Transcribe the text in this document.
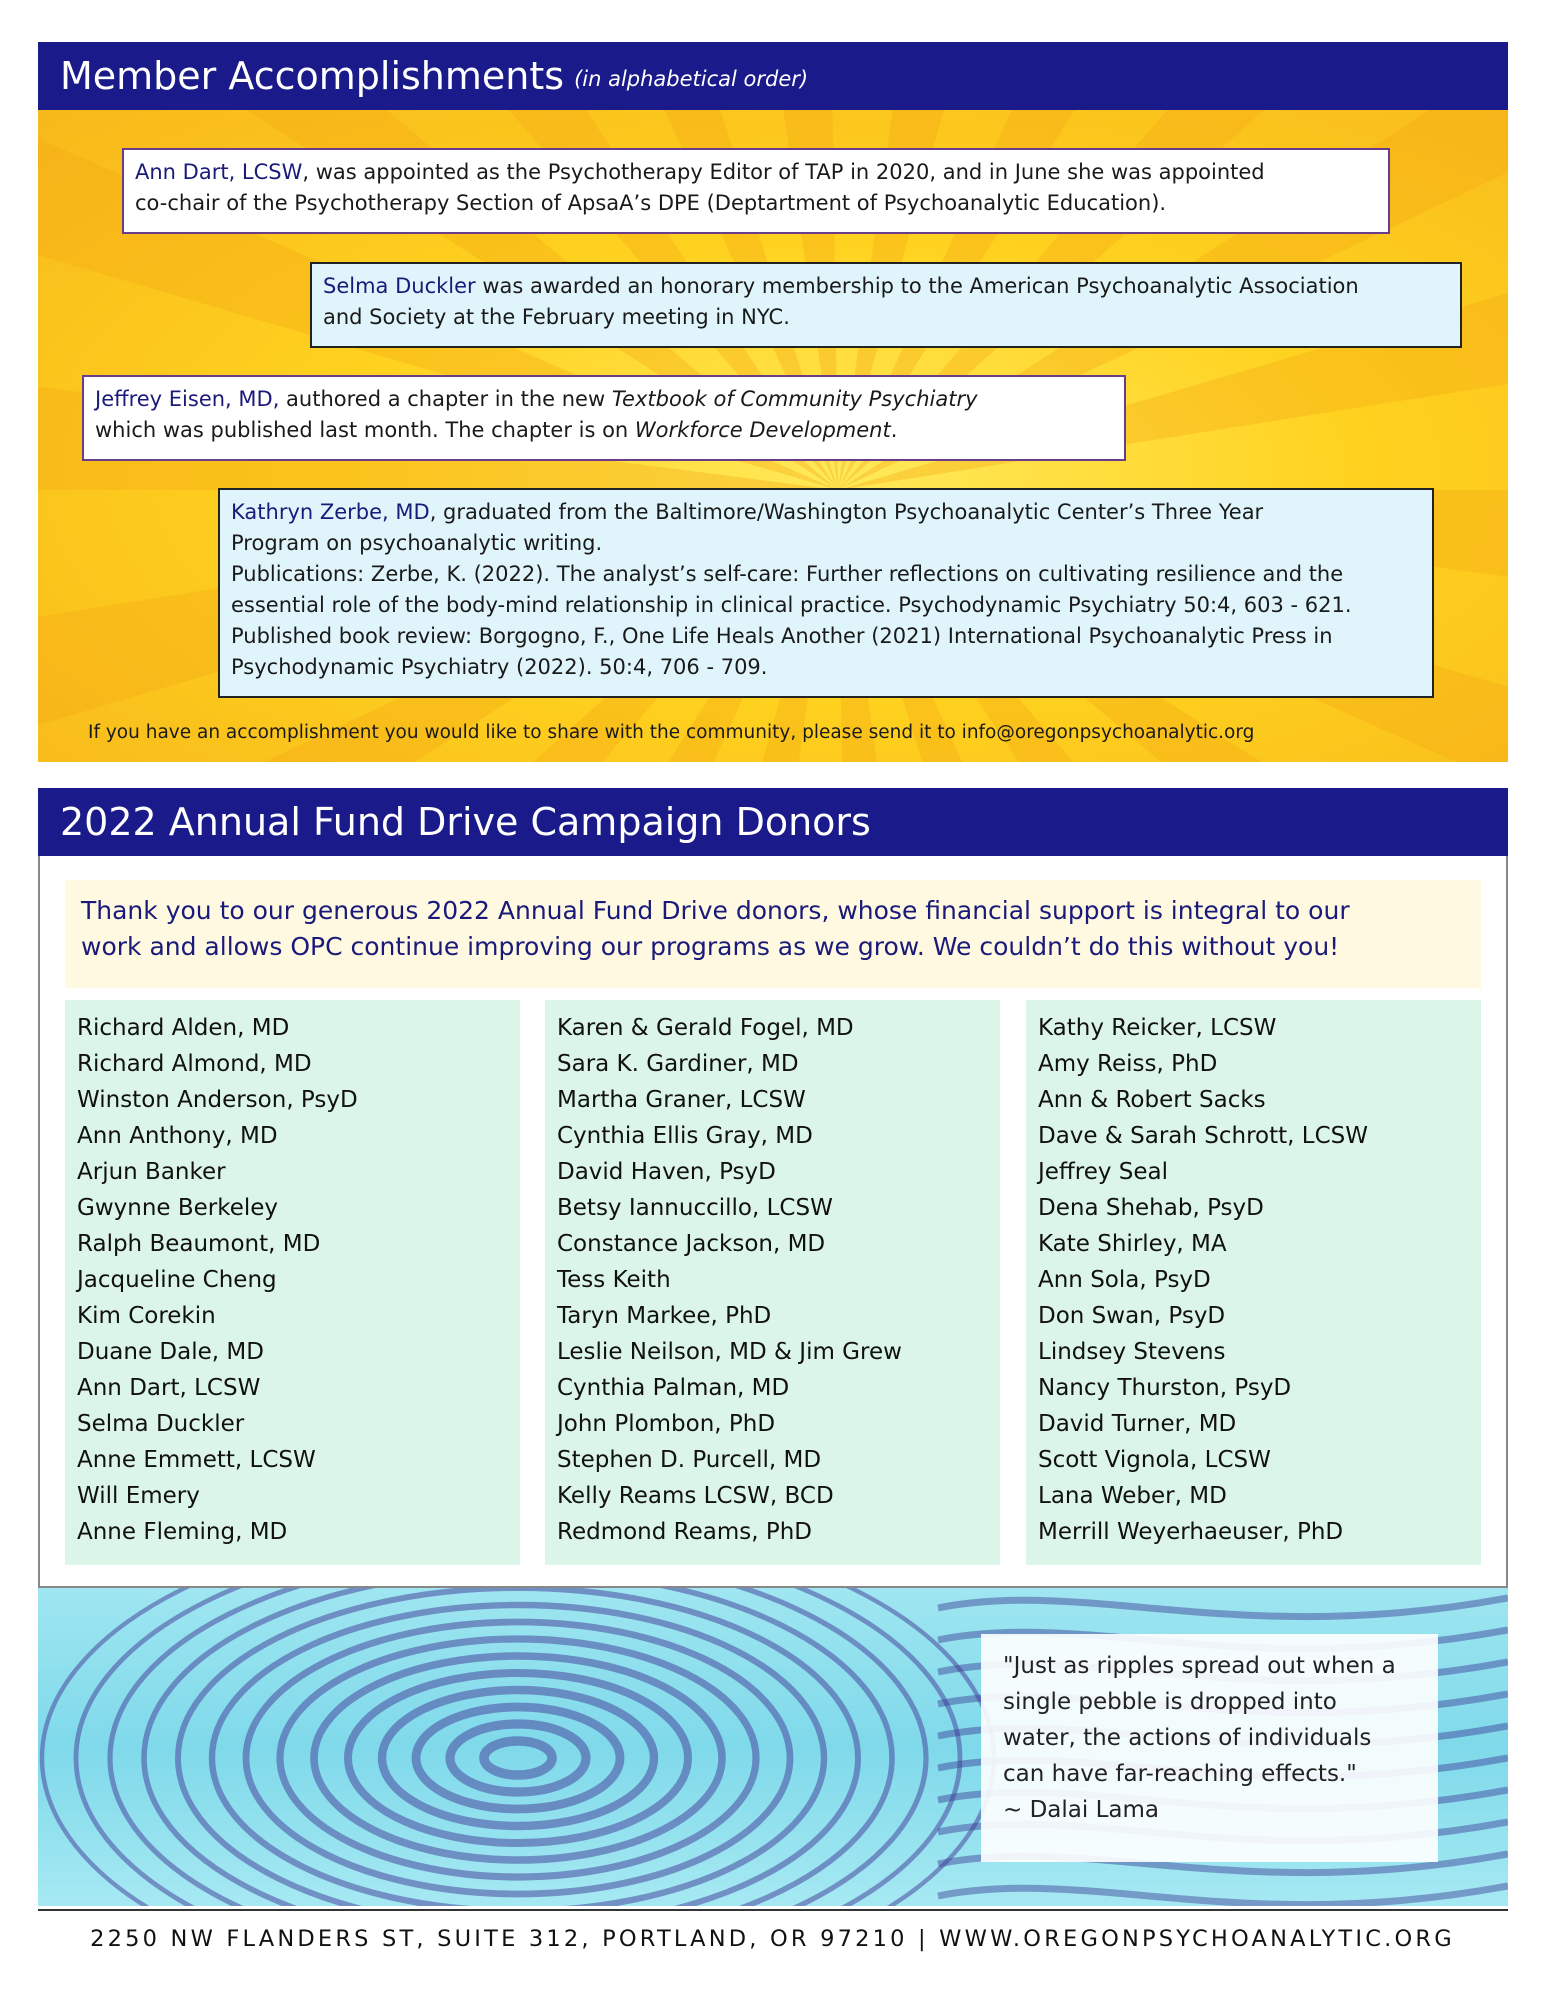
Member Accomplishments (in alphabetical order)
Ann Dart, LCSW, was appointed as the Psychotherapy Editor of TAP in 2020, and in June she was appointed
co-chair of the Psychotherapy Section of ApsaA’s DPE (Deptartment of Psychoanalytic Education).
Selma Duckler was awarded an honorary membership to the American Psychoanalytic Association
and Society at the February meeting in NYC.
Jeffrey Eisen, MD, authored a chapter in the new Textbook of Community Psychiatry
which was published last month. The chapter is on Workforce Development.
Kathryn Zerbe, MD, graduated from the Baltimore/Washington Psychoanalytic Center’s Three Year
Program on psychoanalytic writing.
Publications: Zerbe, K. (2022). The analyst’s self-care: Further reflections on cultivating resilience and the
essential role of the body-mind relationship in clinical practice. Psychodynamic Psychiatry 50:4, 603 - 621.
Published book review: Borgogno, F., One Life Heals Another (2021) International Psychoanalytic Press in
Psychodynamic Psychiatry (2022). 50:4, 706 - 709.
If you have an accomplishment you would like to share with the community, please send it to info@oregonpsychoanalytic.org
2022 Annual Fund Drive Campaign Donors
Thank you to our generous 2022 Annual Fund Drive donors, whose financial support is integral to our
work and allows OPC continue improving our programs as we grow. We couldn’t do this without you!
Richard Alden, MD
Richard Almond, MD
Winston Anderson, PsyD
Ann Anthony, MD
Arjun Banker
Gwynne Berkeley
Ralph Beaumont, MD
Jacqueline Cheng
Kim Corekin
Duane Dale, MD
Ann Dart, LCSW
Selma Duckler
Anne Emmett, LCSW
Will Emery
Anne Fleming, MD
Karen & Gerald Fogel, MD
Sara K. Gardiner, MD
Martha Graner, LCSW
Cynthia Ellis Gray, MD
David Haven, PsyD
Betsy Iannuccillo, LCSW
Constance Jackson, MD
Tess Keith
Taryn Markee, PhD
Leslie Neilson, MD & Jim Grew
Cynthia Palman, MD
John Plombon, PhD
Stephen D. Purcell, MD
Kelly Reams LCSW, BCD
Redmond Reams, PhD
Kathy Reicker, LCSW
Amy Reiss, PhD
Ann & Robert Sacks
Dave & Sarah Schrott, LCSW
Jeffrey Seal
Dena Shehab, PsyD
Kate Shirley, MA
Ann Sola, PsyD
Don Swan, PsyD
Lindsey Stevens
Nancy Thurston, PsyD
David Turner, MD
Scott Vignola, LCSW
Lana Weber, MD
Merrill Weyerhaeuser, PhD
"Just as ripples spread out when a
single pebble is dropped into
water, the actions of individuals
can have far-reaching effects."
~ Dalai Lama
2250 NW FLANDERS ST, SUITE 312, PORTLAND, OR 97210 | WWW.OREGONPSYCHOANALYTIC.ORG
